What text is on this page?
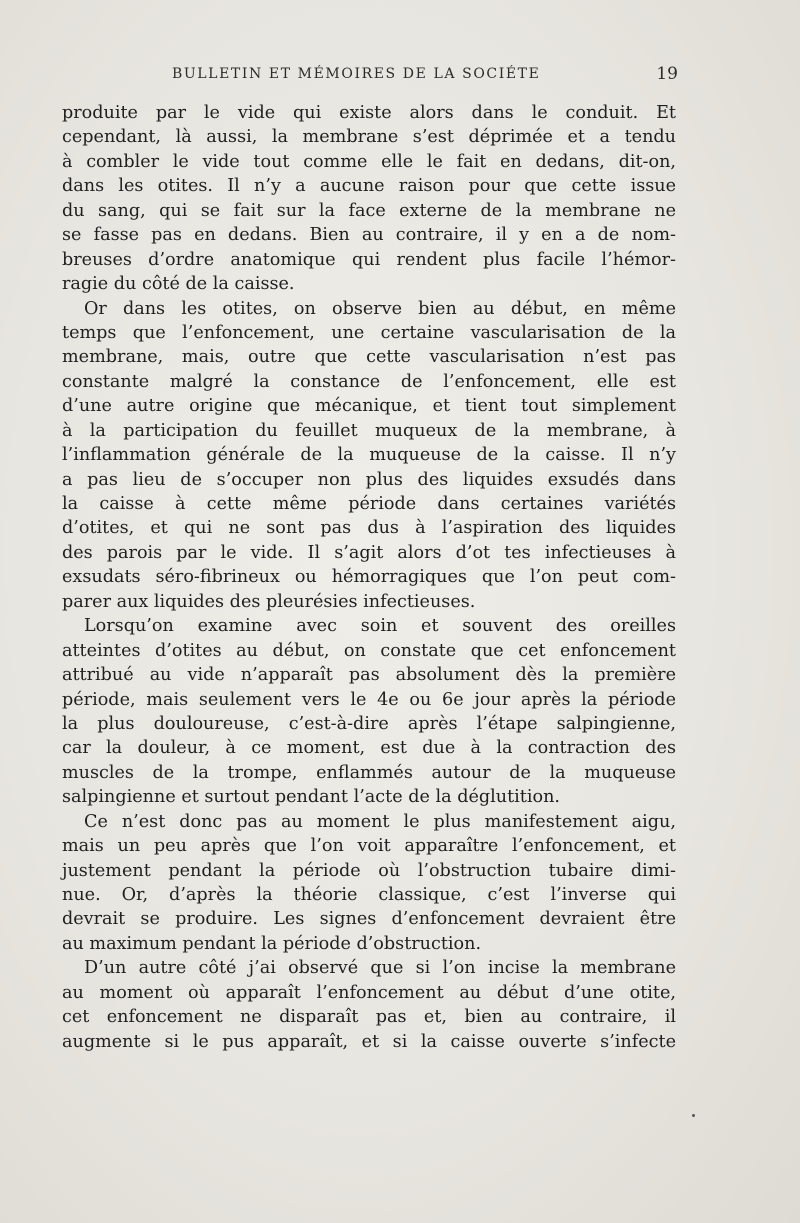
BULLETIN ET MÉMOIRES DE LA SOCIÉTE	19
produite par le vide qui existe alors dans le conduit. Et
cependant, là aussi, la membrane s’est déprimée et a tendu
à combler le vide tout comme elle le fait en dedans, dit-on,
dans les otites. Il n’y a aucune raison pour que cette issue
du sang, qui se fait sur la face externe de la membrane ne
se fasse pas en dedans. Bien au contraire, il y en a de nom-
breuses d’ordre anatomique qui rendent plus facile l’hémor-
ragie du côté de la caisse.
Or dans les otites, on observe bien au début, en même
temps que l’enfoncement, une certaine vascularisation de la
membrane, mais, outre que cette vascularisation n’est pas
constante malgré la constance de l’enfoncement, elle est
d’une autre origine que mécanique, et tient tout simplement
à la participation du feuillet muqueux de la membrane, à
l’inflammation générale de la muqueuse de la caisse. Il n’y
a pas lieu de s’occuper non plus des liquides exsudés dans
la caisse à cette même période dans certaines variétés
d’otites, et qui ne sont pas dus à l’aspiration des liquides
des parois par le vide. Il s’agit alors d’ot tes infectieuses à
exsudats séro-fibrineux ou hémorragiques que l’on peut com-
parer aux liquides des pleurésies infectieuses.
Lorsqu’on examine avec soin et souvent des oreilles
atteintes d’otites au début, on constate que cet enfoncement
attribué au vide n’apparaît pas absolument dès la première
période, mais seulement vers le 4e ou 6e jour après la période
la plus douloureuse, c’est-à-dire après l’étape salpingienne,
car la douleur, à ce moment, est due à la contraction des
muscles de la trompe, enflammés autour de la muqueuse
salpingienne et surtout pendant l’acte de la déglutition.
Ce n’est donc pas au moment le plus manifestement aigu,
mais un peu après que l’on voit apparaître l’enfoncement, et
justement pendant la période où l’obstruction tubaire dimi-
nue. Or, d’après la théorie classique, c’est l’inverse qui
devrait se produire. Les signes d’enfoncement devraient être
au maximum pendant la période d’obstruction.
D’un autre côté j’ai observé que si l’on incise la membrane
au moment où apparaît l’enfoncement au début d’une otite,
cet enfoncement ne disparaît pas et, bien au contraire, il
augmente si le pus apparaît, et si la caisse ouverte s’infecte
